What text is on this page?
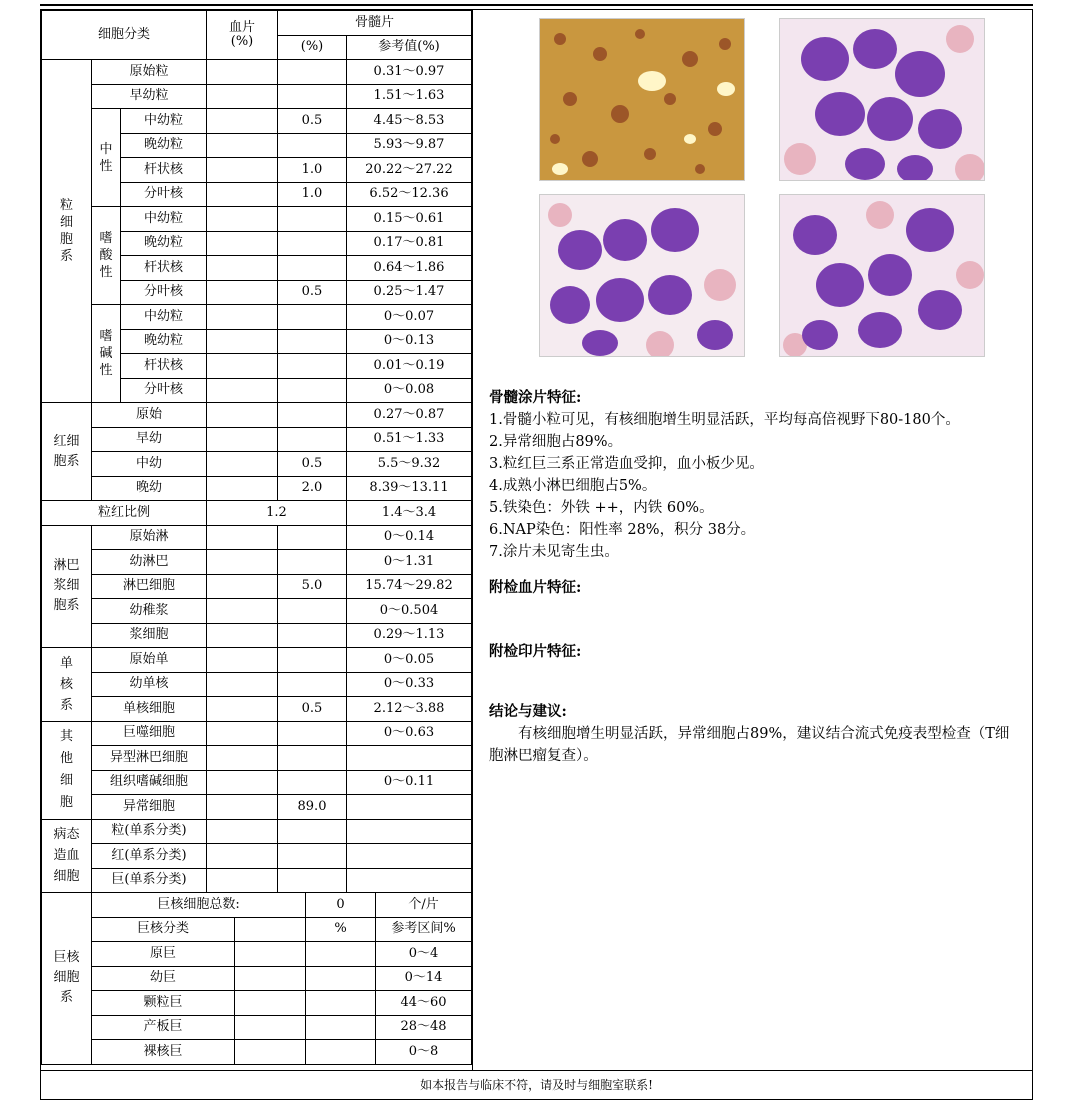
细胞分类			血片
(%)	骨髓片	
				(%)	参考值(%)
粒
细
胞
系	原始粒				0.31～0.97
	早幼粒				1.51～1.63
	中
性	中幼粒		0.5	4.45～8.53
		晚幼粒			5.93～9.87
		杆状核		1.0	20.22～27.22
		分叶核		1.0	6.52～12.36
	嗜
酸
性	中幼粒			0.15～0.61
		晚幼粒			0.17～0.81
		杆状核			0.64～1.86
		分叶核		0.5	0.25～1.47
	嗜
碱
性	中幼粒			0～0.07
		晚幼粒			0～0.13
		杆状核			0.01～0.19
		分叶核			0～0.08
红细
胞系	原始				0.27～0.87
	早幼				0.51～1.33
	中幼			0.5	5.5～9.32
	晚幼			2.0	8.39～13.11
粒红比例			1.2		1.4～3.4
淋巴
浆细
胞系	原始淋				0～0.14
	幼淋巴				0～1.31
	淋巴细胞			5.0	15.74～29.82
	幼稚浆				0～0.504
	浆细胞				0.29～1.13
单
核
系	原始单				0～0.05
	幼单核				0～0.33
	单核细胞			0.5	2.12～3.88
其
他
细
胞	巨噬细胞				0～0.63
	异型淋巴细胞				
	组织嗜碱细胞				0～0.11
	异常细胞			89.0	
病态
造血
细胞	粒(单系分类)				
	红(单系分类)				
	巨(单系分类)				
巨核
细胞
系	巨核细胞总数:		0	个/片
	巨核分类		%	参考区间%
	原巨			0～4
	幼巨			0～14
	颗粒巨			44～60
	产板巨			28～48
	裸核巨			0～8

骨髓涂片特征:

1.骨髓小粒可见，有核细胞增生明显活跃，平均每高倍视野下80-180个。

2.异常细胞占89%。

3.粒红巨三系正常造血受抑，血小板少见。

4.成熟小淋巴细胞占5%。

5.铁染色：外铁 ++，内铁 60%。

6.NAP染色：阳性率 28%，积分 38分。

7.涂片未见寄生虫。

附检血片特征:

附检印片特征:

结论与建议:

有核细胞增生明显活跃，异常细胞占89%，建议结合流式免疫表型检查（T细胞淋巴瘤复查）。

如本报告与临床不符，请及时与细胞室联系!
